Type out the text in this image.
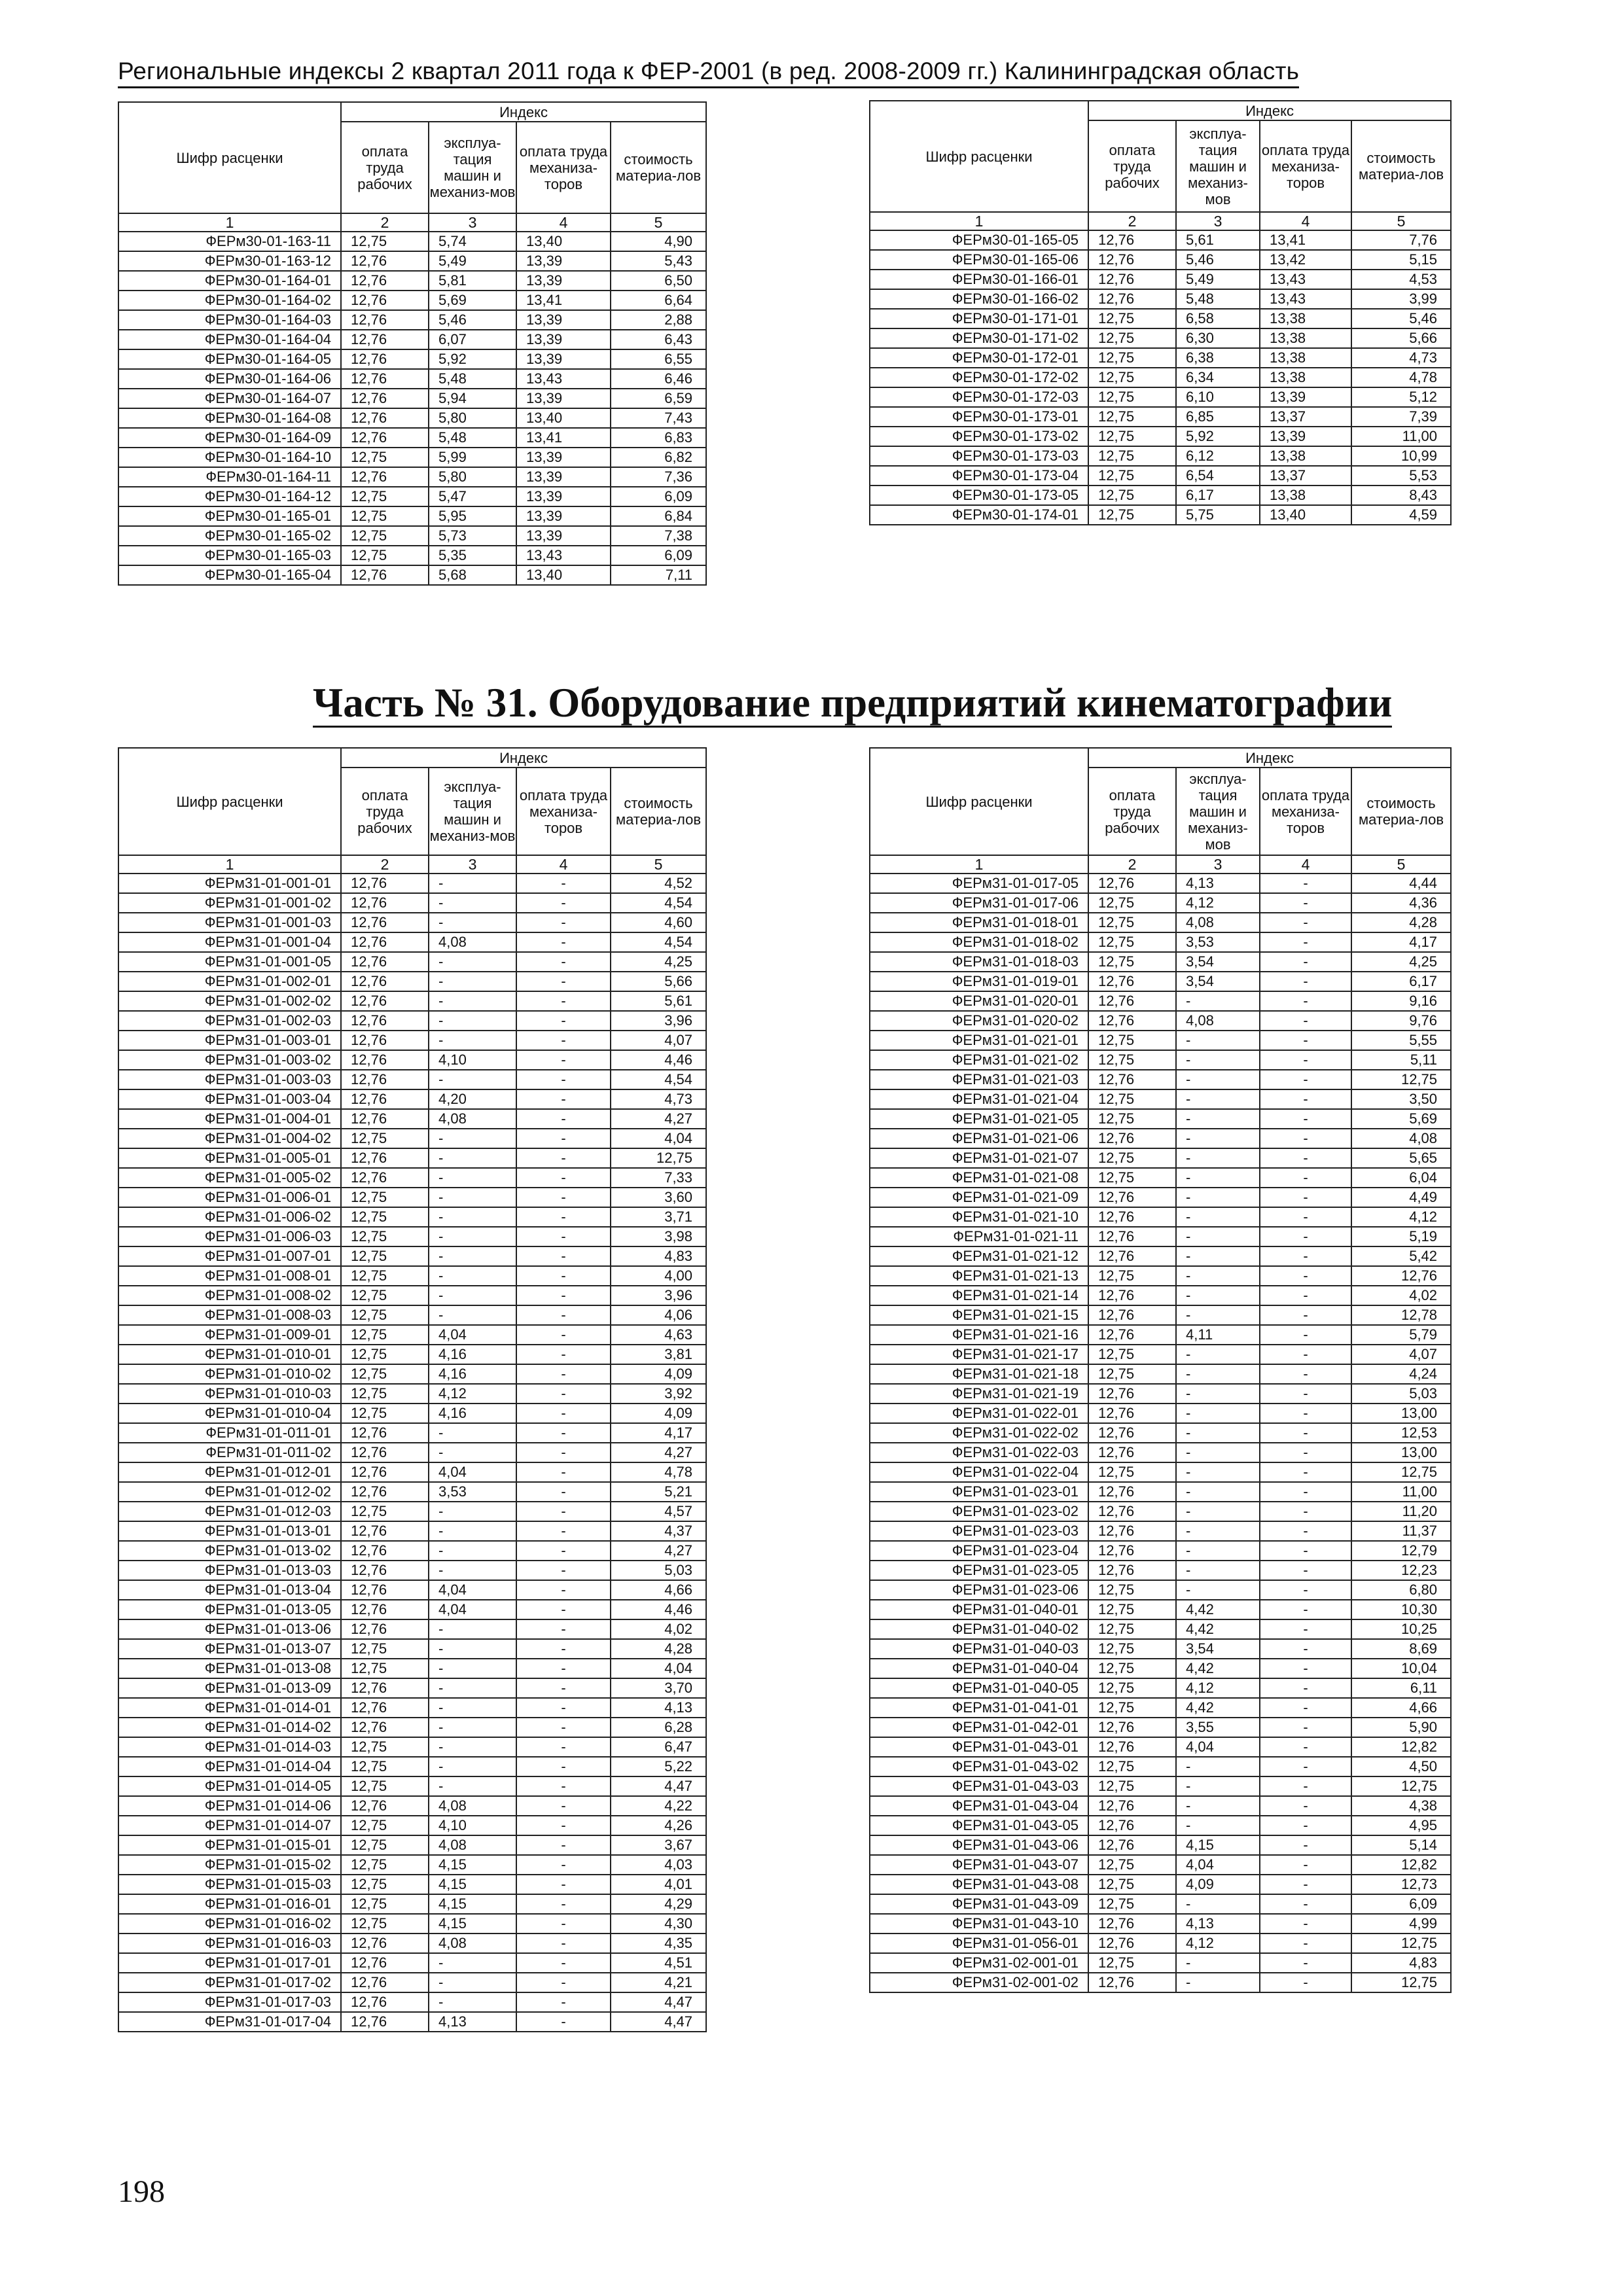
Региональные индексы 2 квартал 2011 года к ФЕР-2001 (в ред. 2008-2009 гг.) Калининградская область
Шифр расценки	Индекс			
	оплата труда рабочих	эксплуа-тация машин и механиз-мов	оплата труда механиза-торов	стоимость материа-лов
1	2	3	4	5
ФЕРм30-01-163-11	12,75	5,74	13,40	4,90
ФЕРм30-01-163-12	12,76	5,49	13,39	5,43
ФЕРм30-01-164-01	12,76	5,81	13,39	6,50
ФЕРм30-01-164-02	12,76	5,69	13,41	6,64
ФЕРм30-01-164-03	12,76	5,46	13,39	2,88
ФЕРм30-01-164-04	12,76	6,07	13,39	6,43
ФЕРм30-01-164-05	12,76	5,92	13,39	6,55
ФЕРм30-01-164-06	12,76	5,48	13,43	6,46
ФЕРм30-01-164-07	12,76	5,94	13,39	6,59
ФЕРм30-01-164-08	12,76	5,80	13,40	7,43
ФЕРм30-01-164-09	12,76	5,48	13,41	6,83
ФЕРм30-01-164-10	12,75	5,99	13,39	6,82
ФЕРм30-01-164-11	12,76	5,80	13,39	7,36
ФЕРм30-01-164-12	12,75	5,47	13,39	6,09
ФЕРм30-01-165-01	12,75	5,95	13,39	6,84
ФЕРм30-01-165-02	12,75	5,73	13,39	7,38
ФЕРм30-01-165-03	12,75	5,35	13,43	6,09
ФЕРм30-01-165-04	12,76	5,68	13,40	7,11
Шифр расценки	Индекс			
	оплата труда рабочих	эксплуа-тация машин и механиз-мов	оплата труда механиза-торов	стоимость материа-лов
1	2	3	4	5
ФЕРм30-01-165-05	12,76	5,61	13,41	7,76
ФЕРм30-01-165-06	12,76	5,46	13,42	5,15
ФЕРм30-01-166-01	12,76	5,49	13,43	4,53
ФЕРм30-01-166-02	12,76	5,48	13,43	3,99
ФЕРм30-01-171-01	12,75	6,58	13,38	5,46
ФЕРм30-01-171-02	12,75	6,30	13,38	5,66
ФЕРм30-01-172-01	12,75	6,38	13,38	4,73
ФЕРм30-01-172-02	12,75	6,34	13,38	4,78
ФЕРм30-01-172-03	12,75	6,10	13,39	5,12
ФЕРм30-01-173-01	12,75	6,85	13,37	7,39
ФЕРм30-01-173-02	12,75	5,92	13,39	11,00
ФЕРм30-01-173-03	12,75	6,12	13,38	10,99
ФЕРм30-01-173-04	12,75	6,54	13,37	5,53
ФЕРм30-01-173-05	12,75	6,17	13,38	8,43
ФЕРм30-01-174-01	12,75	5,75	13,40	4,59
Часть № 31. Оборудование предприятий кинематографии
Шифр расценки	Индекс			
	оплата труда рабочих	эксплуа-тация машин и механиз-мов	оплата труда механиза-торов	стоимость материа-лов
1	2	3	4	5
ФЕРм31-01-001-01	12,76	-	-	4,52
ФЕРм31-01-001-02	12,76	-	-	4,54
ФЕРм31-01-001-03	12,76	-	-	4,60
ФЕРм31-01-001-04	12,76	4,08	-	4,54
ФЕРм31-01-001-05	12,76	-	-	4,25
ФЕРм31-01-002-01	12,76	-	-	5,66
ФЕРм31-01-002-02	12,76	-	-	5,61
ФЕРм31-01-002-03	12,76	-	-	3,96
ФЕРм31-01-003-01	12,76	-	-	4,07
ФЕРм31-01-003-02	12,76	4,10	-	4,46
ФЕРм31-01-003-03	12,76	-	-	4,54
ФЕРм31-01-003-04	12,76	4,20	-	4,73
ФЕРм31-01-004-01	12,76	4,08	-	4,27
ФЕРм31-01-004-02	12,75	-	-	4,04
ФЕРм31-01-005-01	12,76	-	-	12,75
ФЕРм31-01-005-02	12,76	-	-	7,33
ФЕРм31-01-006-01	12,75	-	-	3,60
ФЕРм31-01-006-02	12,75	-	-	3,71
ФЕРм31-01-006-03	12,75	-	-	3,98
ФЕРм31-01-007-01	12,75	-	-	4,83
ФЕРм31-01-008-01	12,75	-	-	4,00
ФЕРм31-01-008-02	12,75	-	-	3,96
ФЕРм31-01-008-03	12,75	-	-	4,06
ФЕРм31-01-009-01	12,75	4,04	-	4,63
ФЕРм31-01-010-01	12,75	4,16	-	3,81
ФЕРм31-01-010-02	12,75	4,16	-	4,09
ФЕРм31-01-010-03	12,75	4,12	-	3,92
ФЕРм31-01-010-04	12,75	4,16	-	4,09
ФЕРм31-01-011-01	12,76	-	-	4,17
ФЕРм31-01-011-02	12,76	-	-	4,27
ФЕРм31-01-012-01	12,76	4,04	-	4,78
ФЕРм31-01-012-02	12,76	3,53	-	5,21
ФЕРм31-01-012-03	12,75	-	-	4,57
ФЕРм31-01-013-01	12,76	-	-	4,37
ФЕРм31-01-013-02	12,76	-	-	4,27
ФЕРм31-01-013-03	12,76	-	-	5,03
ФЕРм31-01-013-04	12,76	4,04	-	4,66
ФЕРм31-01-013-05	12,76	4,04	-	4,46
ФЕРм31-01-013-06	12,76	-	-	4,02
ФЕРм31-01-013-07	12,75	-	-	4,28
ФЕРм31-01-013-08	12,75	-	-	4,04
ФЕРм31-01-013-09	12,76	-	-	3,70
ФЕРм31-01-014-01	12,76	-	-	4,13
ФЕРм31-01-014-02	12,76	-	-	6,28
ФЕРм31-01-014-03	12,75	-	-	6,47
ФЕРм31-01-014-04	12,75	-	-	5,22
ФЕРм31-01-014-05	12,75	-	-	4,47
ФЕРм31-01-014-06	12,76	4,08	-	4,22
ФЕРм31-01-014-07	12,75	4,10	-	4,26
ФЕРм31-01-015-01	12,75	4,08	-	3,67
ФЕРм31-01-015-02	12,75	4,15	-	4,03
ФЕРм31-01-015-03	12,75	4,15	-	4,01
ФЕРм31-01-016-01	12,75	4,15	-	4,29
ФЕРм31-01-016-02	12,75	4,15	-	4,30
ФЕРм31-01-016-03	12,76	4,08	-	4,35
ФЕРм31-01-017-01	12,76	-	-	4,51
ФЕРм31-01-017-02	12,76	-	-	4,21
ФЕРм31-01-017-03	12,76	-	-	4,47
ФЕРм31-01-017-04	12,76	4,13	-	4,47
Шифр расценки	Индекс			
	оплата труда рабочих	эксплуа-тация машин и механиз-мов	оплата труда механиза-торов	стоимость материа-лов
1	2	3	4	5
ФЕРм31-01-017-05	12,76	4,13	-	4,44
ФЕРм31-01-017-06	12,75	4,12	-	4,36
ФЕРм31-01-018-01	12,75	4,08	-	4,28
ФЕРм31-01-018-02	12,75	3,53	-	4,17
ФЕРм31-01-018-03	12,75	3,54	-	4,25
ФЕРм31-01-019-01	12,76	3,54	-	6,17
ФЕРм31-01-020-01	12,76	-	-	9,16
ФЕРм31-01-020-02	12,76	4,08	-	9,76
ФЕРм31-01-021-01	12,75	-	-	5,55
ФЕРм31-01-021-02	12,75	-	-	5,11
ФЕРм31-01-021-03	12,76	-	-	12,75
ФЕРм31-01-021-04	12,75	-	-	3,50
ФЕРм31-01-021-05	12,75	-	-	5,69
ФЕРм31-01-021-06	12,76	-	-	4,08
ФЕРм31-01-021-07	12,75	-	-	5,65
ФЕРм31-01-021-08	12,75	-	-	6,04
ФЕРм31-01-021-09	12,76	-	-	4,49
ФЕРм31-01-021-10	12,76	-	-	4,12
ФЕРм31-01-021-11	12,76	-	-	5,19
ФЕРм31-01-021-12	12,76	-	-	5,42
ФЕРм31-01-021-13	12,75	-	-	12,76
ФЕРм31-01-021-14	12,76	-	-	4,02
ФЕРм31-01-021-15	12,76	-	-	12,78
ФЕРм31-01-021-16	12,76	4,11	-	5,79
ФЕРм31-01-021-17	12,75	-	-	4,07
ФЕРм31-01-021-18	12,75	-	-	4,24
ФЕРм31-01-021-19	12,76	-	-	5,03
ФЕРм31-01-022-01	12,76	-	-	13,00
ФЕРм31-01-022-02	12,76	-	-	12,53
ФЕРм31-01-022-03	12,76	-	-	13,00
ФЕРм31-01-022-04	12,75	-	-	12,75
ФЕРм31-01-023-01	12,76	-	-	11,00
ФЕРм31-01-023-02	12,76	-	-	11,20
ФЕРм31-01-023-03	12,76	-	-	11,37
ФЕРм31-01-023-04	12,76	-	-	12,79
ФЕРм31-01-023-05	12,76	-	-	12,23
ФЕРм31-01-023-06	12,75	-	-	6,80
ФЕРм31-01-040-01	12,75	4,42	-	10,30
ФЕРм31-01-040-02	12,75	4,42	-	10,25
ФЕРм31-01-040-03	12,75	3,54	-	8,69
ФЕРм31-01-040-04	12,75	4,42	-	10,04
ФЕРм31-01-040-05	12,75	4,12	-	6,11
ФЕРм31-01-041-01	12,75	4,42	-	4,66
ФЕРм31-01-042-01	12,76	3,55	-	5,90
ФЕРм31-01-043-01	12,76	4,04	-	12,82
ФЕРм31-01-043-02	12,75	-	-	4,50
ФЕРм31-01-043-03	12,75	-	-	12,75
ФЕРм31-01-043-04	12,76	-	-	4,38
ФЕРм31-01-043-05	12,76	-	-	4,95
ФЕРм31-01-043-06	12,76	4,15	-	5,14
ФЕРм31-01-043-07	12,75	4,04	-	12,82
ФЕРм31-01-043-08	12,75	4,09	-	12,73
ФЕРм31-01-043-09	12,75	-	-	6,09
ФЕРм31-01-043-10	12,76	4,13	-	4,99
ФЕРм31-01-056-01	12,76	4,12	-	12,75
ФЕРм31-02-001-01	12,75	-	-	4,83
ФЕРм31-02-001-02	12,76	-	-	12,75
198
